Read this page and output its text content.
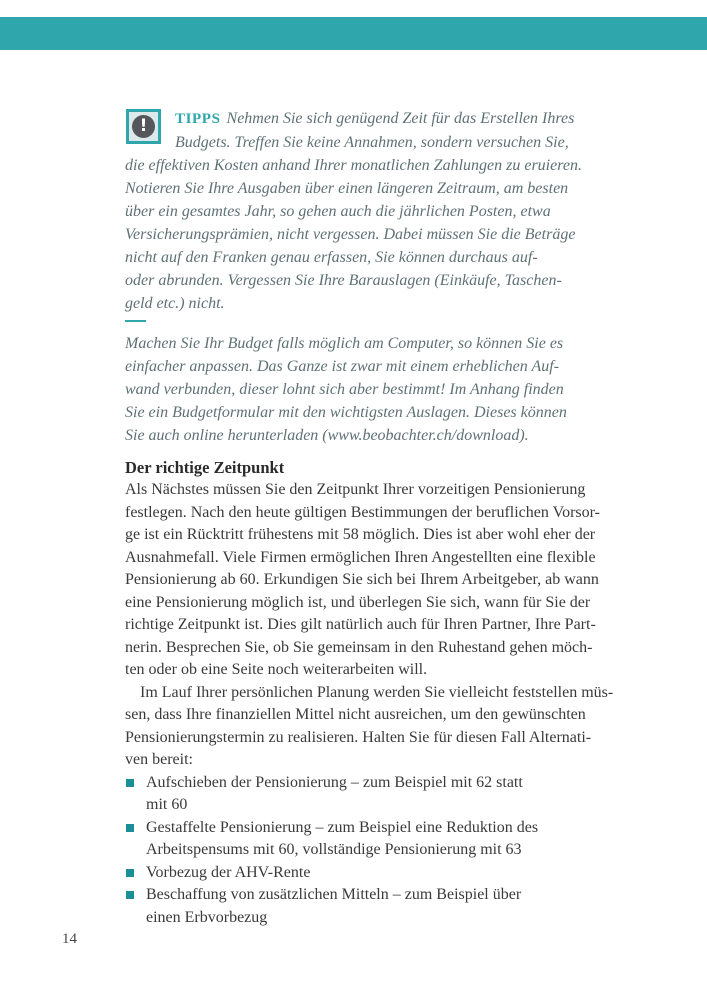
!	TIPPS Nehmen Sie sich genügend Zeit für das Erstellen Ihres
Budgets. Treffen Sie keine Annahmen, sondern versuchen Sie,
die effektiven Kosten anhand Ihrer monatlichen Zahlungen zu eruieren.
Notieren Sie Ihre Ausgaben über einen längeren Zeitraum, am besten
über ein gesamtes Jahr, so gehen auch die jährlichen Posten, etwa
Versicherungsprämien, nicht vergessen. Dabei müssen Sie die Beträge
nicht auf den Franken genau erfassen, Sie können durchaus auf-
oder abrunden. Vergessen Sie Ihre Barauslagen (Einkäufe, Taschen-
geld etc.) nicht.
Machen Sie Ihr Budget falls möglich am Computer, so können Sie es
einfacher anpassen. Das Ganze ist zwar mit einem erheblichen Auf-
wand verbunden, dieser lohnt sich aber bestimmt! Im Anhang finden
Sie ein Budgetformular mit den wichtigsten Auslagen. Dieses können
Sie auch online herunterladen (www.beobachter.ch/download).
Der richtige Zeitpunkt
Als Nächstes müssen Sie den Zeitpunkt Ihrer vorzeitigen Pensionierung
festlegen. Nach den heute gültigen Bestimmungen der beruflichen Vorsor-
ge ist ein Rücktritt frühestens mit 58 möglich. Dies ist aber wohl eher der
Ausnahmefall. Viele Firmen ermöglichen Ihren Angestellten eine flexible
Pensionierung ab 60. Erkundigen Sie sich bei Ihrem Arbeitgeber, ab wann
eine Pensionierung möglich ist, und überlegen Sie sich, wann für Sie der
richtige Zeitpunkt ist. Dies gilt natürlich auch für Ihren Partner, Ihre Part-
nerin. Besprechen Sie, ob Sie gemeinsam in den Ruhestand gehen möch-
ten oder ob eine Seite noch weiterarbeiten will.
Im Lauf Ihrer persönlichen Planung werden Sie vielleicht feststellen müs-
sen, dass Ihre finanziellen Mittel nicht ausreichen, um den gewünschten
Pensionierungstermin zu realisieren. Halten Sie für diesen Fall Alternati-
ven bereit:
Aufschieben der Pensionierung – zum Beispiel mit 62 statt
mit 60
Gestaffelte Pensionierung – zum Beispiel eine Reduktion des
Arbeitspensums mit 60, vollständige Pensionierung mit 63
Vorbezug der AHV-Rente
Beschaffung von zusätzlichen Mitteln – zum Beispiel über
einen Erbvorbezug
14
